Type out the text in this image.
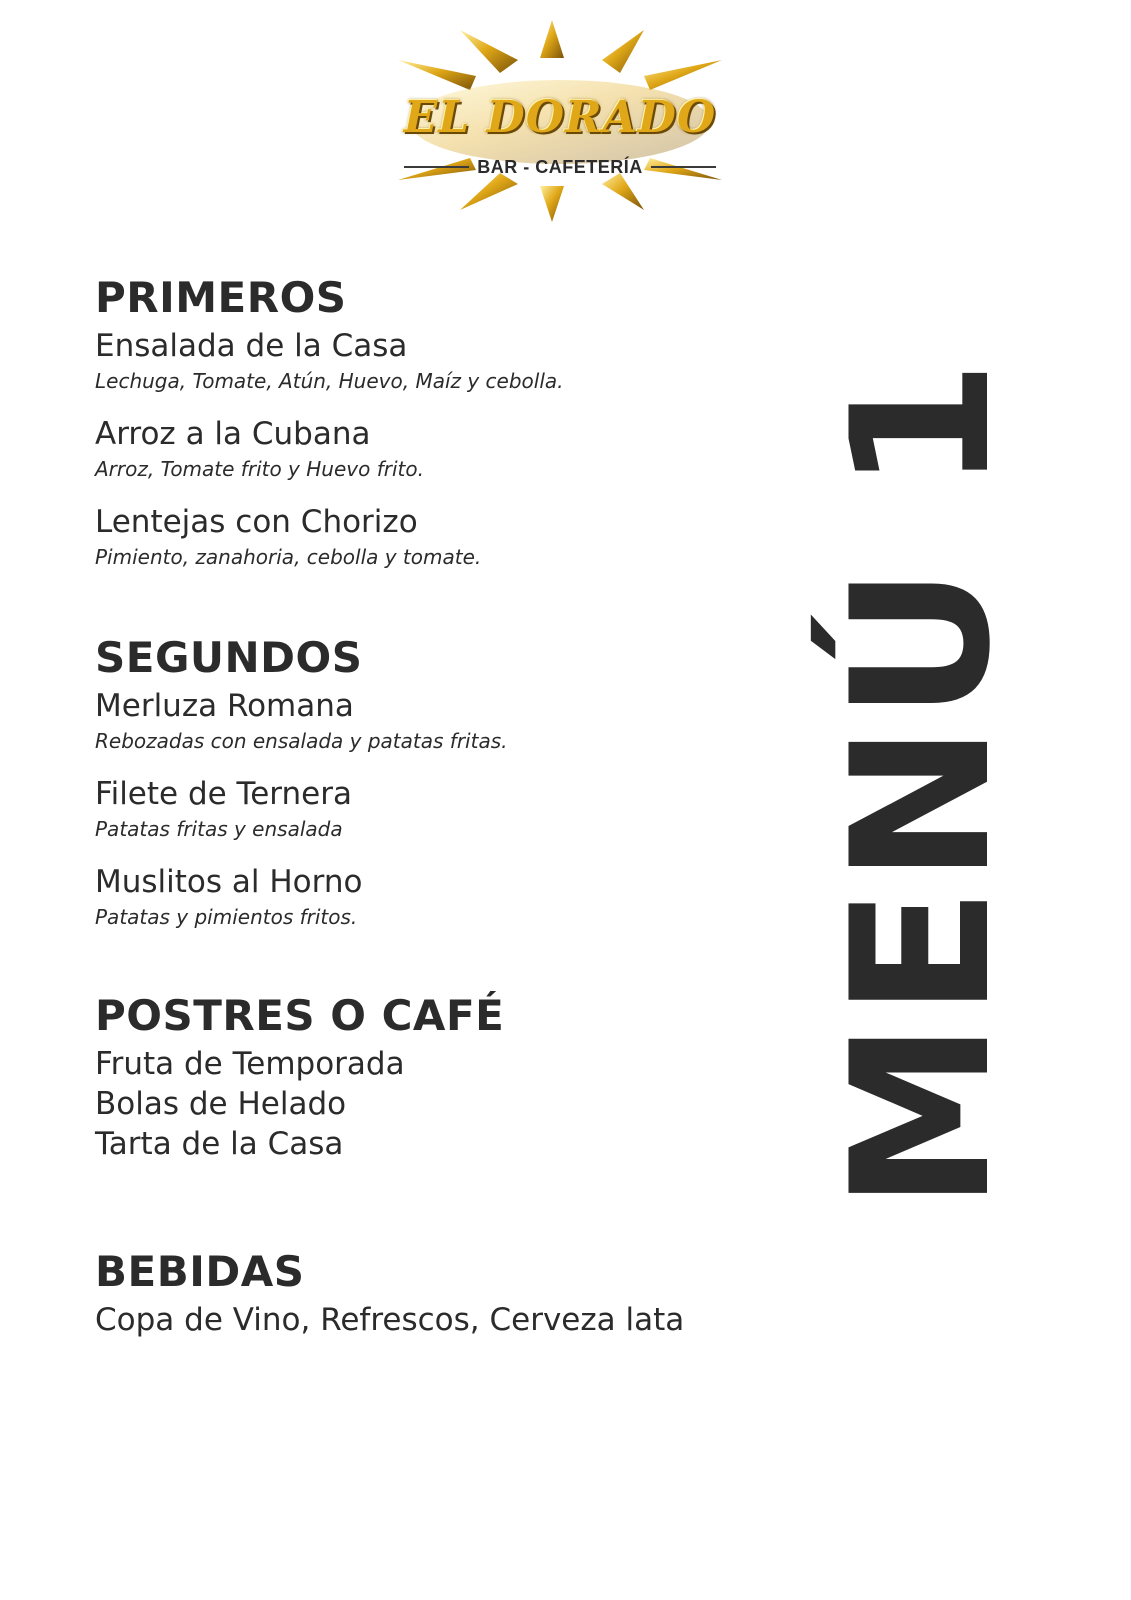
EL DORADO
BAR - CAFETERÍA
PRIMEROS

Ensalada de la Casa

Lechuga, Tomate, Atún, Huevo, Maíz y cebolla.

Arroz a la Cubana

Arroz, Tomate frito y Huevo frito.

Lentejas con Chorizo

Pimiento, zanahoria, cebolla y tomate.

SEGUNDOS

Merluza Romana

Rebozadas con ensalada y patatas fritas.

Filete de Ternera

Patatas fritas y ensalada

Muslitos al Horno

Patatas y pimientos fritos.

POSTRES O CAFÉ

Fruta de Temporada

Bolas de Helado

Tarta de la Casa

BEBIDAS

Copa de Vino, Refrescos, Cerveza lata

MENÚ 1
